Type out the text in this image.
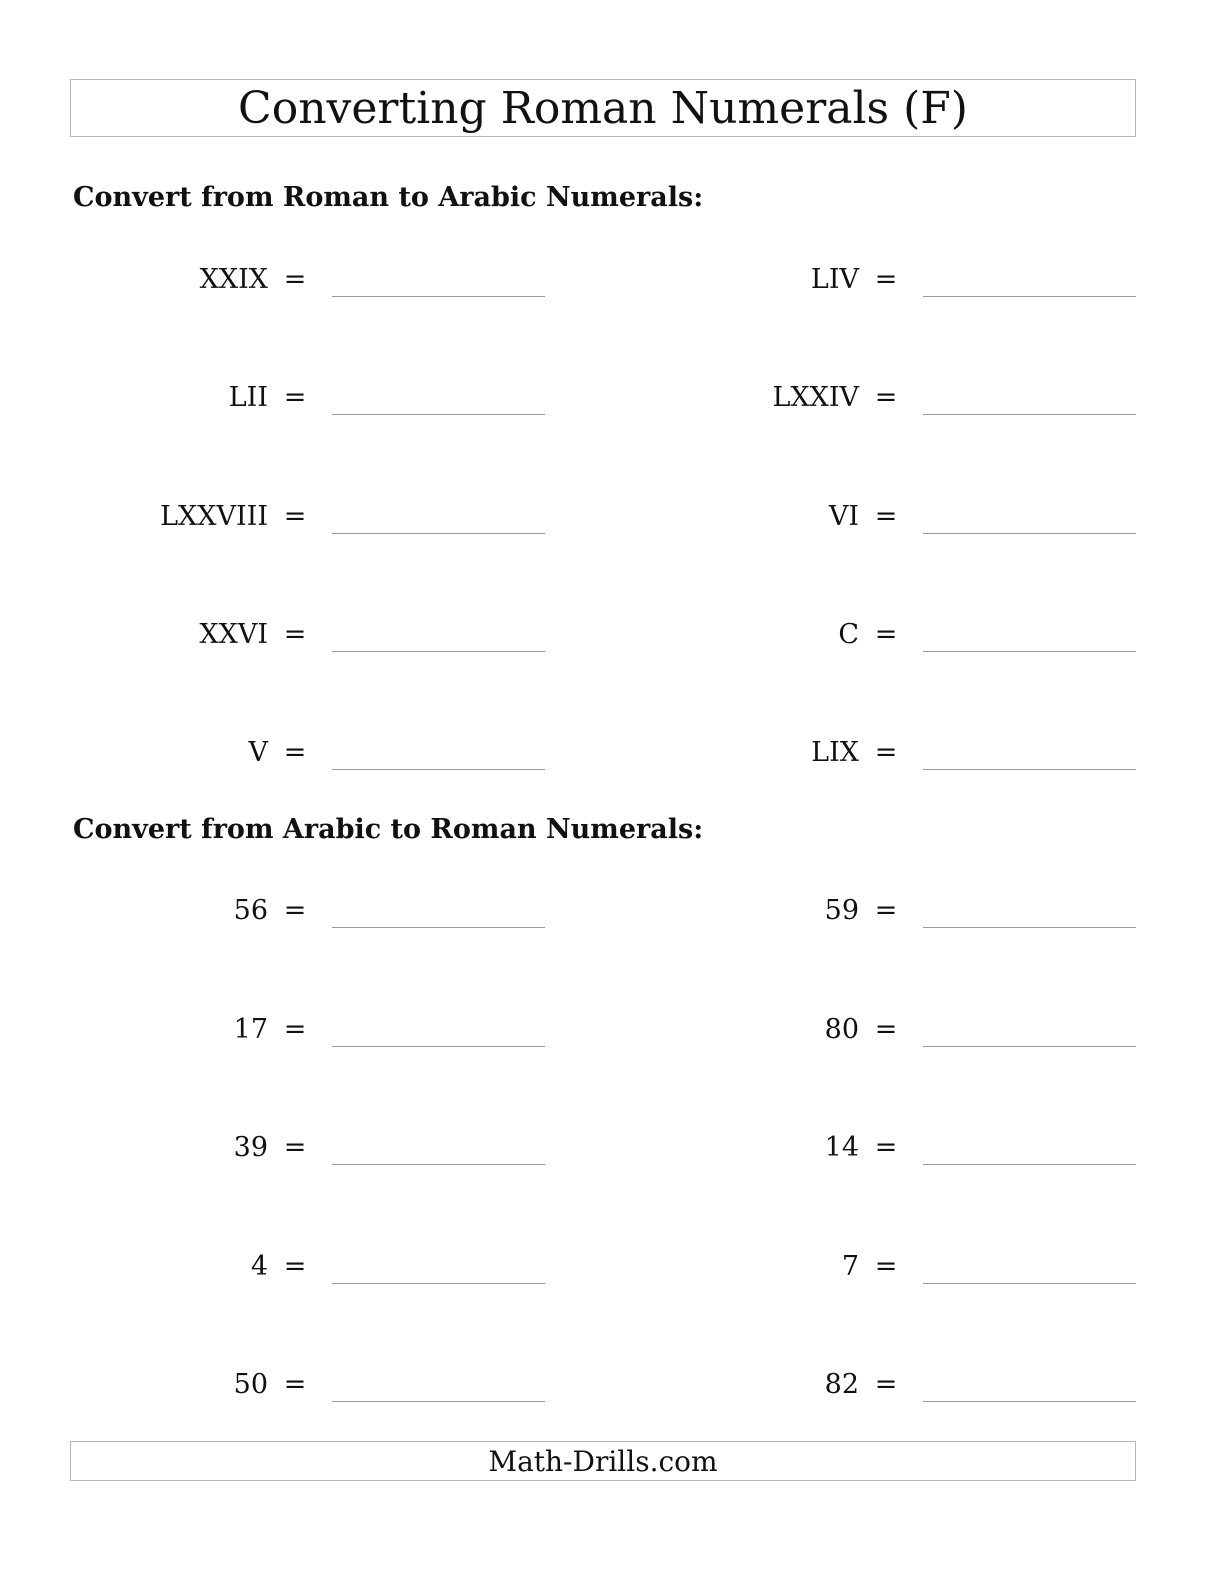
Converting Roman Numerals (F)
Convert from Roman to Arabic Numerals:
XXIX =	LIV =
LII =	LXXIV =
LXXVIII =	VI =
XXVI =	C =
V =	LIX =
Convert from Arabic to Roman Numerals:
56 =	59 =
17 =	80 =
39 =	14 =
4 =	7 =
50 =	82 =
Math-Drills.com
